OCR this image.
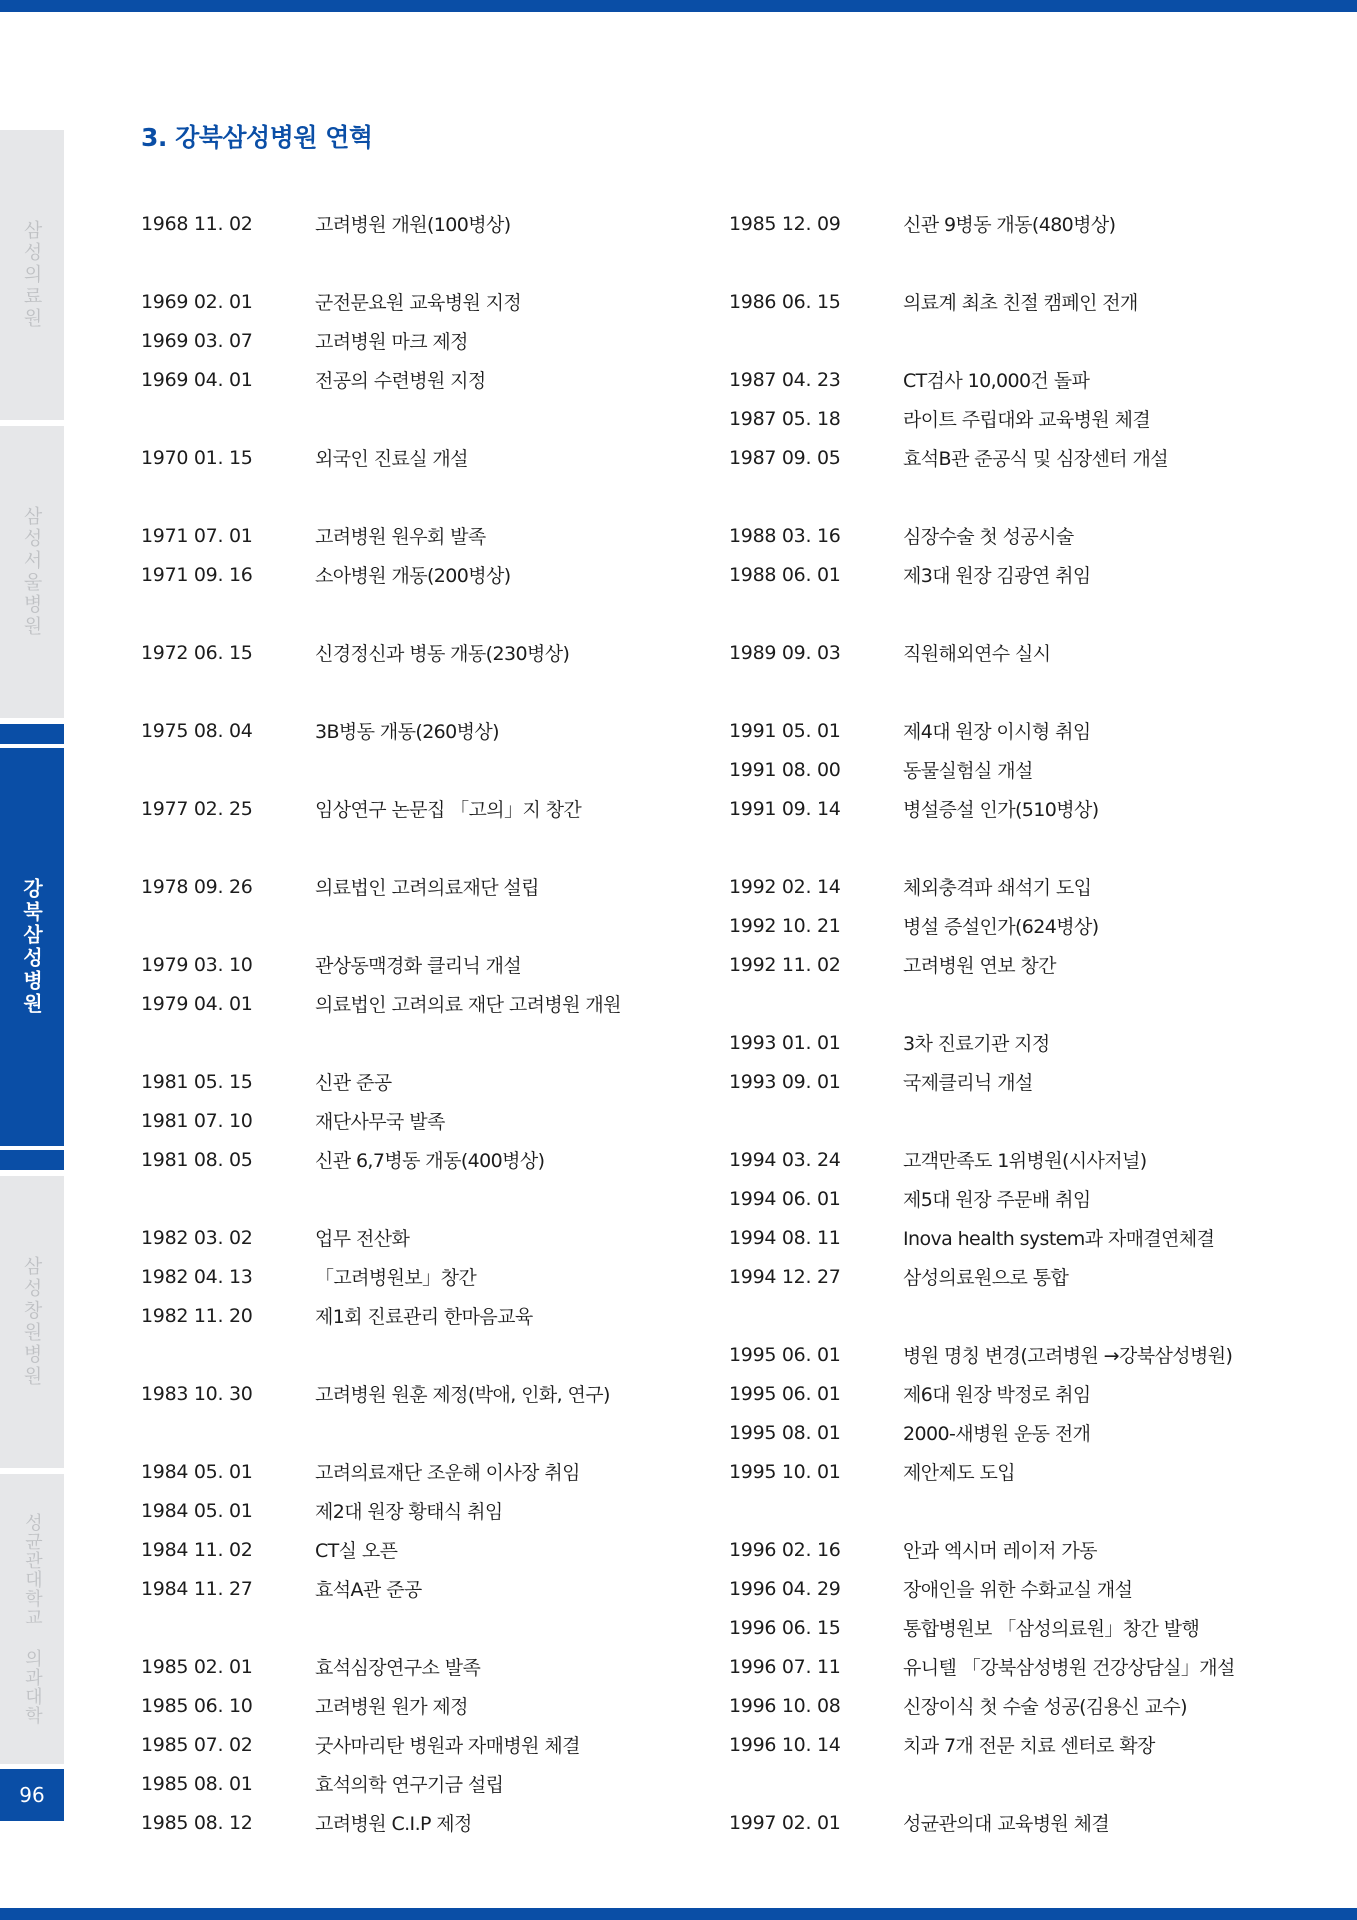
삼성의료원
삼성서울병원
강북삼성병원
삼성창원병원
성균관대학교 의과대학
96
3. 강북삼성병원 연혁
1968 11. 02	고려병원 개원(100병상)
1969 02. 01	군전문요원 교육병원 지정
1969 03. 07	고려병원 마크 제정
1969 04. 01	전공의 수련병원 지정
1970 01. 15	외국인 진료실 개설
1971 07. 01	고려병원 원우회 발족
1971 09. 16	소아병원 개동(200병상)
1972 06. 15	신경정신과 병동 개동(230병상)
1975 08. 04	3B병동 개동(260병상)
1977 02. 25	임상연구 논문집 「고의」지 창간
1978 09. 26	의료법인 고려의료재단 설립
1979 03. 10	관상동맥경화 클리닉 개설
1979 04. 01	의료법인 고려의료 재단 고려병원 개원
1981 05. 15	신관 준공
1981 07. 10	재단사무국 발족
1981 08. 05	신관 6,7병동 개동(400병상)
1982 03. 02	업무 전산화
1982 04. 13	「고려병원보」창간
1982 11. 20	제1회 진료관리 한마음교육
1983 10. 30	고려병원 원훈 제정(박애, 인화, 연구)
1984 05. 01	고려의료재단 조운해 이사장 취임
1984 05. 01	제2대 원장 황태식 취임
1984 11. 02	CT실 오픈
1984 11. 27	효석A관 준공
1985 02. 01	효석심장연구소 발족
1985 06. 10	고려병원 원가 제정
1985 07. 02	굿사마리탄 병원과 자매병원 체결
1985 08. 01	효석의학 연구기금 설립
1985 08. 12	고려병원 C.I.P 제정
1985 12. 09	신관 9병동 개동(480병상)
1986 06. 15	의료계 최초 친절 캠페인 전개
1987 04. 23	CT검사 10,000건 돌파
1987 05. 18	라이트 주립대와 교육병원 체결
1987 09. 05	효석B관 준공식 및 심장센터 개설
1988 03. 16	심장수술 첫 성공시술
1988 06. 01	제3대 원장 김광연 취임
1989 09. 03	직원해외연수 실시
1991 05. 01	제4대 원장 이시형 취임
1991 08. 00	동물실험실 개설
1991 09. 14	병설증설 인가(510병상)
1992 02. 14	체외충격파 쇄석기 도입
1992 10. 21	병설 증설인가(624병상)
1992 11. 02	고려병원 연보 창간
1993 01. 01	3차 진료기관 지정
1993 09. 01	국제클리닉 개설
1994 03. 24	고객만족도 1위병원(시사저널)
1994 06. 01	제5대 원장 주문배 취임
1994 08. 11	Inova health system과 자매결연체결
1994 12. 27	삼성의료원으로 통합
1995 06. 01	병원 명칭 변경(고려병원 →강북삼성병원)
1995 06. 01	제6대 원장 박정로 취임
1995 08. 01	2000-새병원 운동 전개
1995 10. 01	제안제도 도입
1996 02. 16	안과 엑시머 레이저 가동
1996 04. 29	장애인을 위한 수화교실 개설
1996 06. 15	통합병원보 「삼성의료원」창간 발행
1996 07. 11	유니텔 「강북삼성병원 건강상담실」개설
1996 10. 08	신장이식 첫 수술 성공(김용신 교수)
1996 10. 14	치과 7개 전문 치료 센터로 확장
1997 02. 01	성균관의대 교육병원 체결
